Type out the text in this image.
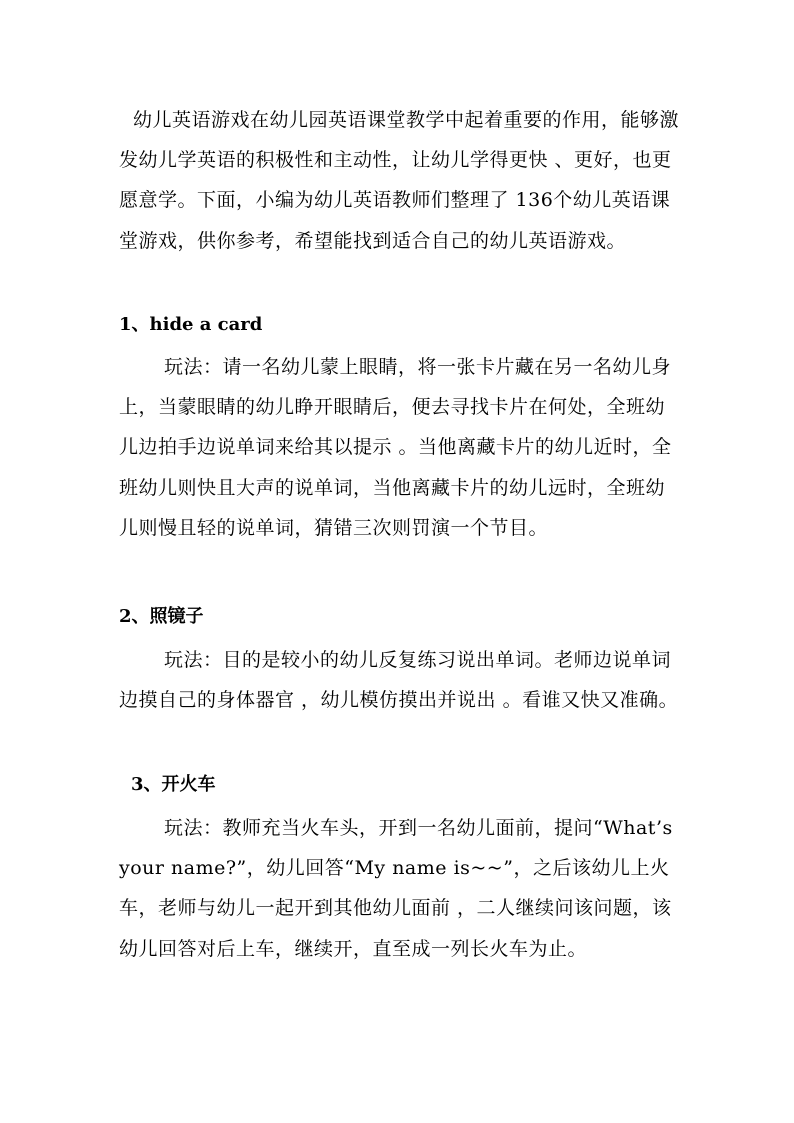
幼儿英语游戏在幼儿园英语课堂教学中起着重要的作用，能够激发幼儿学英语的积极性和主动性，让幼儿学得更快 、更好，也更愿意学。下面，小编为幼儿英语教师们整理了 136个幼儿英语课堂游戏，供你参考，希望能找到适合自己的幼儿英语游戏。

1、hide a card

玩法：请一名幼儿蒙上眼睛，将一张卡片藏在另一名幼儿身上，当蒙眼睛的幼儿睁开眼睛后，便去寻找卡片在何处，全班幼儿边拍手边说单词来给其以提示 。当他离藏卡片的幼儿近时，全班幼儿则快且大声的说单词，当他离藏卡片的幼儿远时，全班幼儿则慢且轻的说单词，猜错三次则罚演一个节目。

2、照镜子

玩法：目的是较小的幼儿反复练习说出单词。老师边说单词边摸自己的身体器官 ，幼儿模仿摸出并说出 。看谁又快又准确。

3、开火车

玩法：教师充当火车头，开到一名幼儿面前，提问“What’s your name?”，幼儿回答“My name is~~”，之后该幼儿上火车，老师与幼儿一起开到其他幼儿面前 ，二人继续问该问题，该幼儿回答对后上车，继续开，直至成一列长火车为止。
